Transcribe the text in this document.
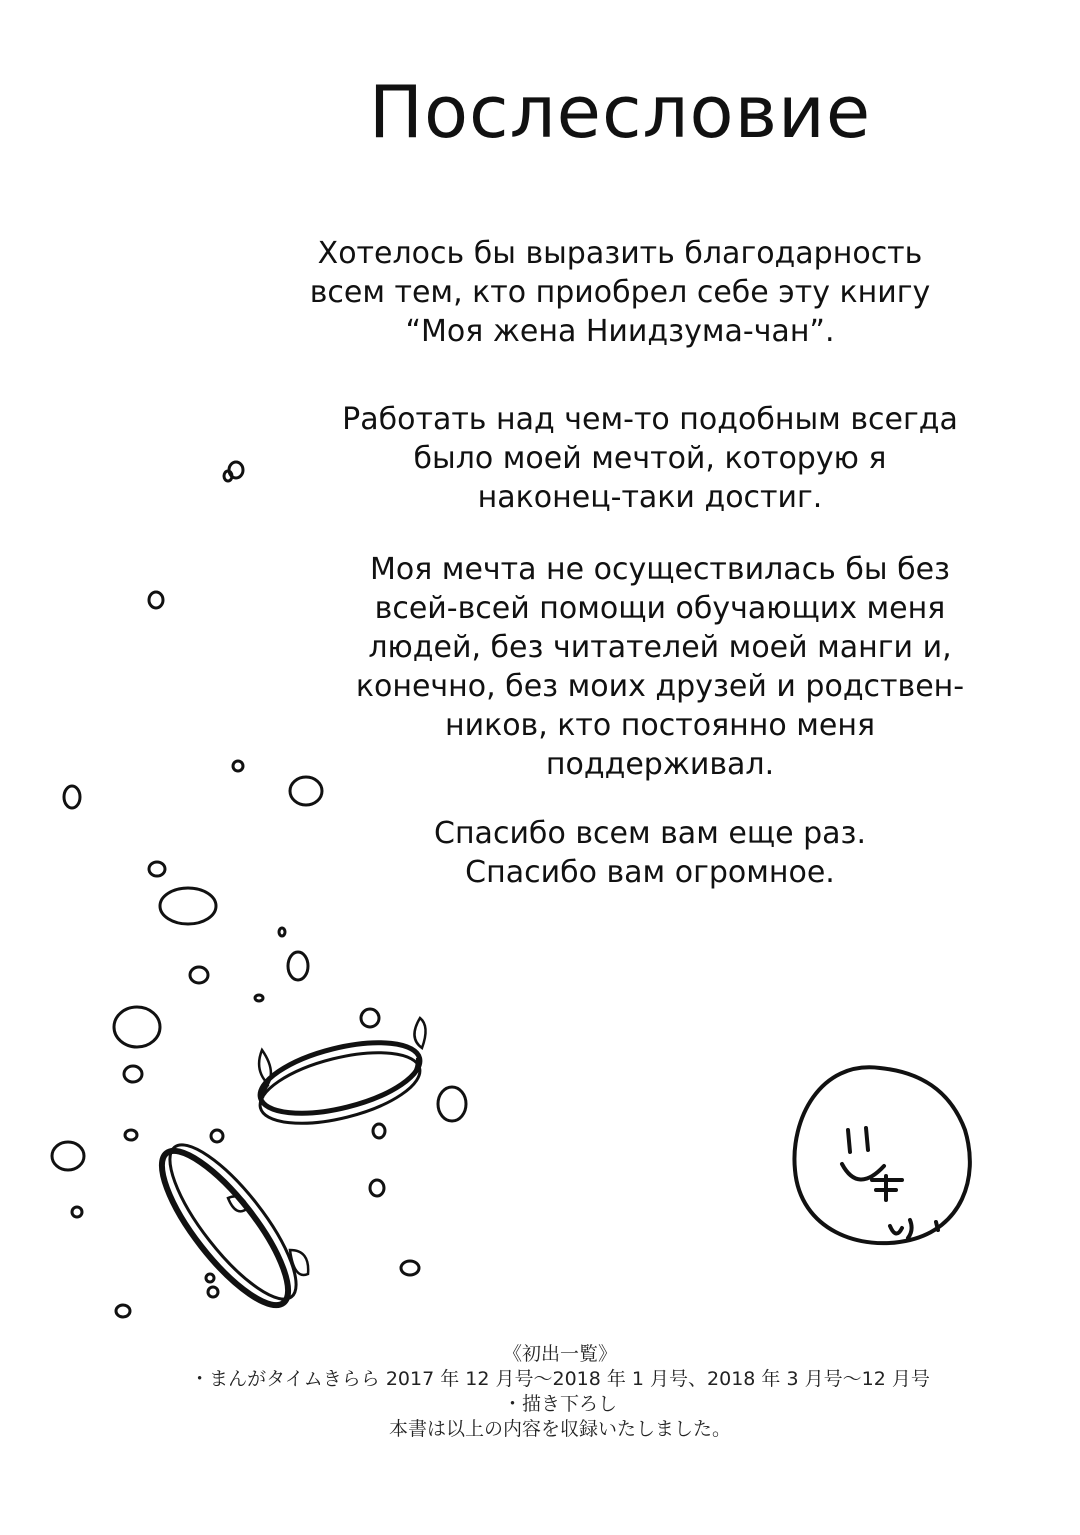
Послесловие
Хотелось бы выразить благодарность
всем тем, кто приобрел себе эту книгу
“Моя жена Ниидзума-чан”.
Работать над чем-то подобным всегда
было моей мечтой, которую я
наконец-таки достиг.
Моя мечта не осуществилась бы без
всей-всей помощи обучающих меня
людей, без читателей моей манги и,
конечно, без моих друзей и родствен-
ников, кто постоянно меня
поддерживал.
Спасибо всем вам еще раз.
Спасибо вам огромное.
《初出一覧》
・まんがタイムきらら 2017 年 12 月号〜2018 年 1 月号、2018 年 3 月号〜12 月号
・描き下ろし
本書は以上の内容を収録いたしました。
